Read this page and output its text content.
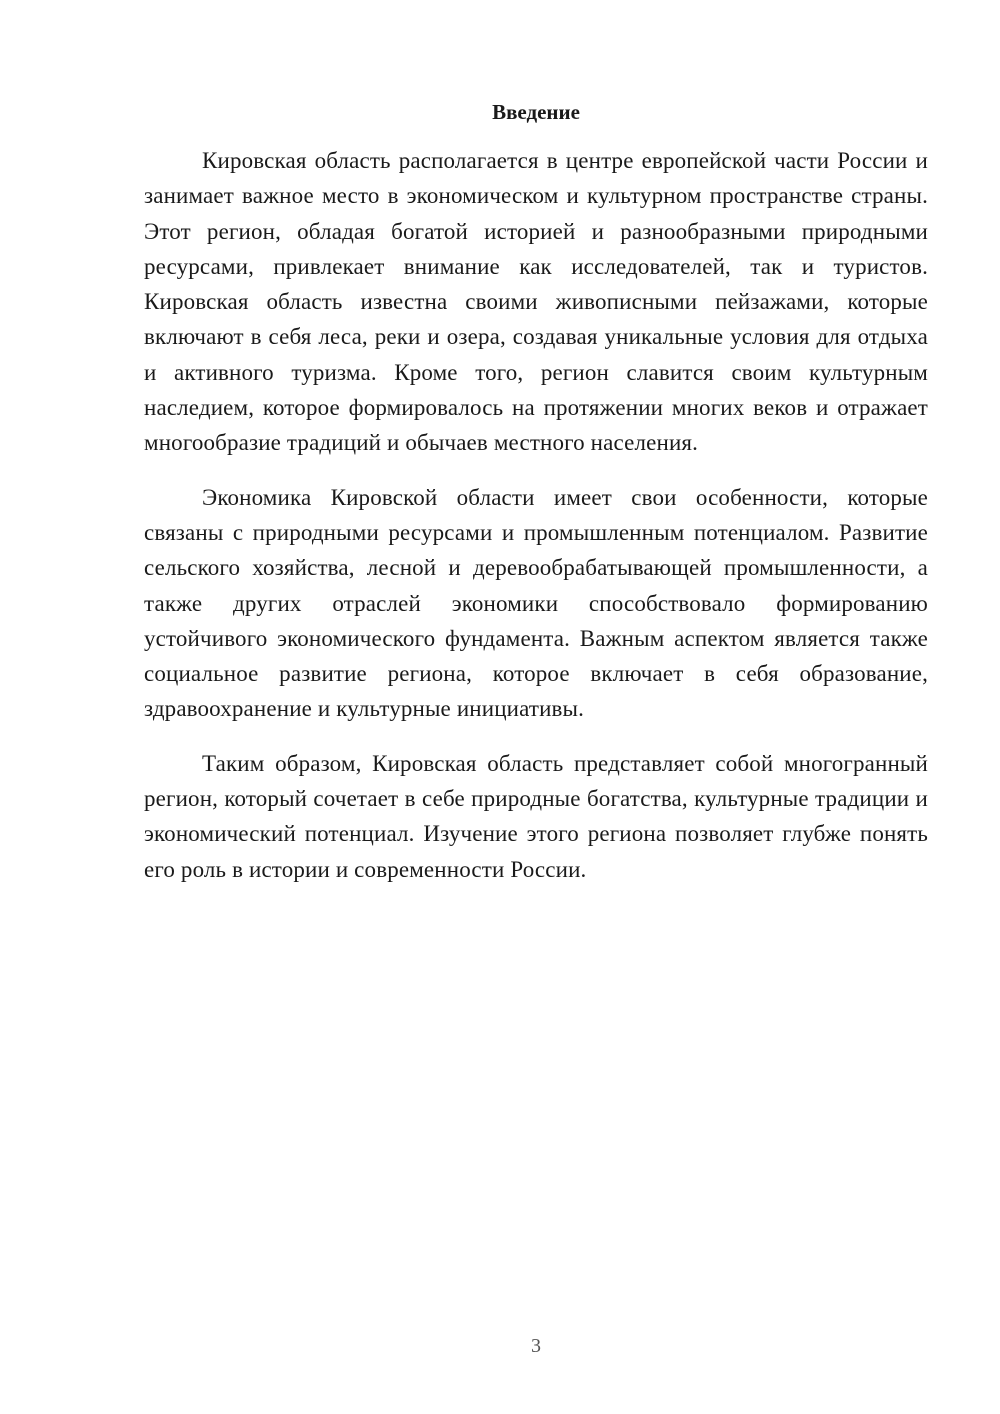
Введение

Кировская область располагается в центре европейской части России и занимает важное место в экономическом и культурном пространстве страны. Этот регион, обладая богатой историей и разнообразными природными ресурсами, привлекает внимание как исследователей, так и туристов. Кировская область известна своими живописными пейзажами, которые включают в себя леса, реки и озера, создавая уникальные условия для отдыха и активного туризма. Кроме того, регион славится своим культурным наследием, которое формировалось на протяжении многих веков и отражает многообразие традиций и обычаев местного населения.

Экономика Кировской области имеет свои особенности, которые связаны с природными ресурсами и промышленным потенциалом. Развитие сельского хозяйства, лесной и деревообрабатывающей промышленности, а также других отраслей экономики способствовало формированию устойчивого экономического фундамента. Важным аспектом является также социальное развитие региона, которое включает в себя образование, здравоохранение и культурные инициативы.

Таким образом, Кировская область представляет собой многогранный регион, который сочетает в себе природные богатства, культурные традиции и экономический потенциал. Изучение этого региона позволяет глубже понять его роль в истории и современности России.

3
